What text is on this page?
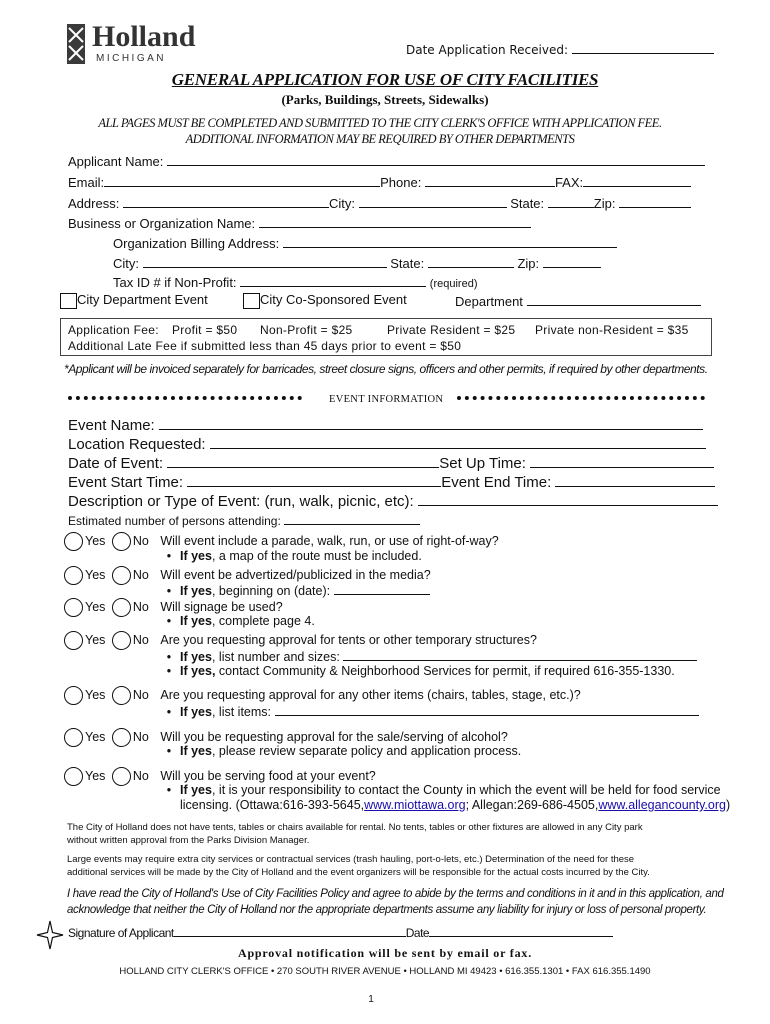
Holland
MICHIGAN
Date Application Received:
GENERAL APPLICATION FOR USE OF CITY FACILITIES
(Parks, Buildings, Streets, Sidewalks)
ALL PAGES MUST BE COMPLETED AND SUBMITTED TO THE CITY CLERK'S OFFICE WITH APPLICATION FEE.
ADDITIONAL INFORMATION MAY BE REQUIRED BY OTHER DEPARTMENTS
Applicant Name:
Email:	Phone:	FAX:
Address:	City:	State:	Zip:
Business or Organization Name:
Organization Billing Address:
City:	State:	Zip:
Tax ID # if Non-Profit:	(required)
City Department Event	City Co-Sponsored Event	Department
Application Fee: Profit = $50 Non-Profit = $25	Private Resident = $25 Private non-Resident = $35
Additional Late Fee if submitted less than 45 days prior to event = $50
*Applicant will be invoiced separately for barricades, street closure signs, officers and other permits, if required by other departments.
EVENT INFORMATION
Event Name:
Location Requested:
Date of Event:	Set Up Time:
Event Start Time:	Event End Time:
Description or Type of Event: (run, walk, picnic, etc):
Estimated number of persons attending:
Yes No Will event include a parade, walk, run, or use of right-of-way?
• If yes, a map of the route must be included.
Yes No Will event be advertized/publicized in the media?
• If yes, beginning on (date):
Yes No Will signage be used?
• If yes, complete page 4.
Yes No Are you requesting approval for tents or other temporary structures?
• If yes, list number and sizes:
• If yes, contact Community & Neighborhood Services for permit, if required 616-355-1330.
Yes No Are you requesting approval for any other items (chairs, tables, stage, etc.)?
• If yes, list items:
Yes No Will you be requesting approval for the sale/serving of alcohol?
• If yes, please review separate policy and application process.
Yes No Will you be serving food at your event?
• If yes, it is your responsibility to contact the County in which the event will be held for food service
licensing. (Ottawa:616-393-5645,www.miottawa.org; Allegan:269-686-4505,www.allegancounty.org)
The City of Holland does not have tents, tables or chairs available for rental. No tents, tables or other fixtures are allowed in any City park
without written approval from the Parks Division Manager.
Large events may require extra city services or contractual services (trash hauling, port-o-lets, etc.) Determination of the need for these
additional services will be made by the City of Holland and the event organizers will be responsible for the actual costs incurred by the City.
I have read the City of Holland's Use of City Facilities Policy and agree to abide by the terms and conditions in it and in this application, and
acknowledge that neither the City of Holland nor the appropriate departments assume any liability for injury or loss of personal property.
Signature of Applicant	Date
Approval notification will be sent by email or fax.
HOLLAND CITY CLERK'S OFFICE • 270 SOUTH RIVER AVENUE • HOLLAND MI 49423 • 616.355.1301 • FAX 616.355.1490
1
